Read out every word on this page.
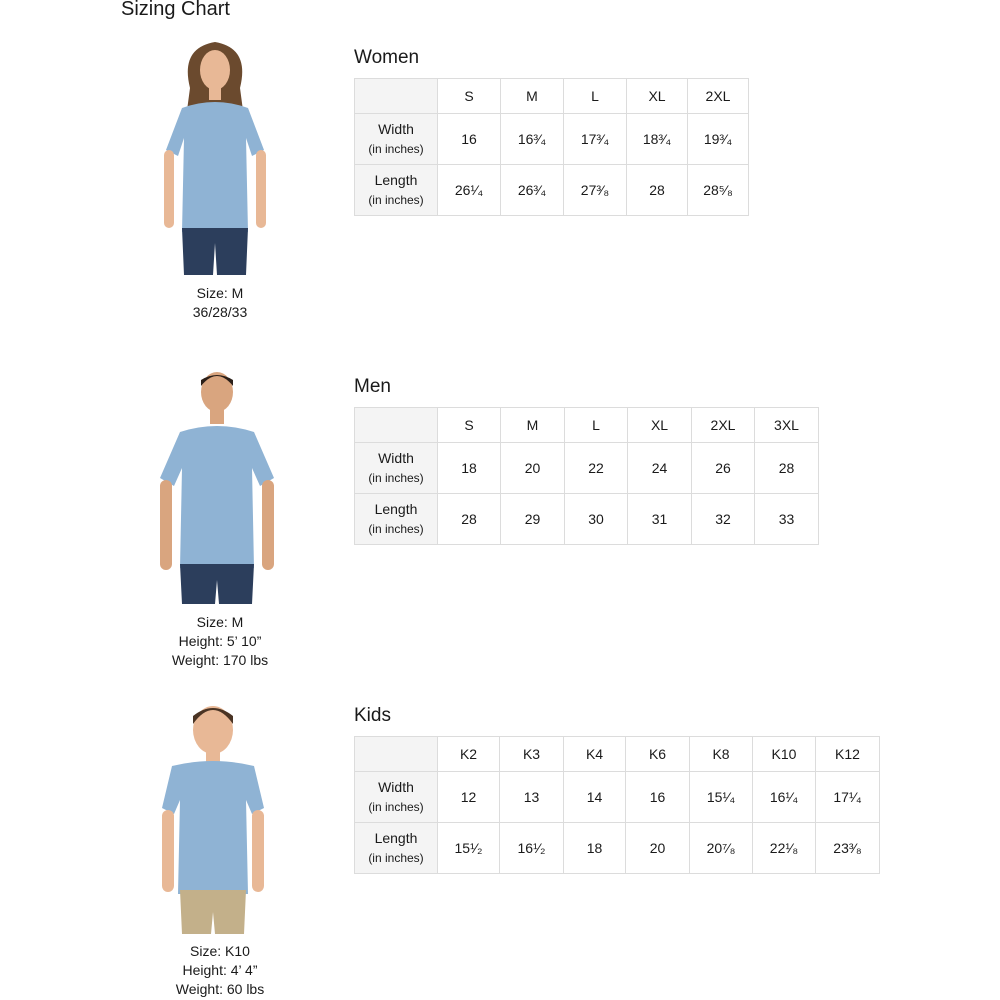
Sizing Chart
Size: M
36/28/33
Women
	S	M	L	XL	2XL

Width
(in inches)	16	16³⁄₄	17³⁄₄	18³⁄₄	19³⁄₄

Length
(in inches)	26¹⁄₄	26³⁄₄	27³⁄₈	28	28⁵⁄₈
Size: M
Height: 5’ 10”
Weight: 170 lbs
Men
	S	M	L	XL	2XL	3XL

Width
(in inches)	18	20	22	24	26	28

Length
(in inches)	28	29	30	31	32	33
Size: K10
Height: 4’ 4”
Weight: 60 lbs
Kids
	K2	K3	K4	K6	K8	K10	K12

Width
(in inches)	12	13	14	16	15¹⁄₄	16¹⁄₄	17¹⁄₄

Length
(in inches)	15¹⁄₂	16¹⁄₂	18	20	20⁷⁄₈	22¹⁄₈	23³⁄₈
